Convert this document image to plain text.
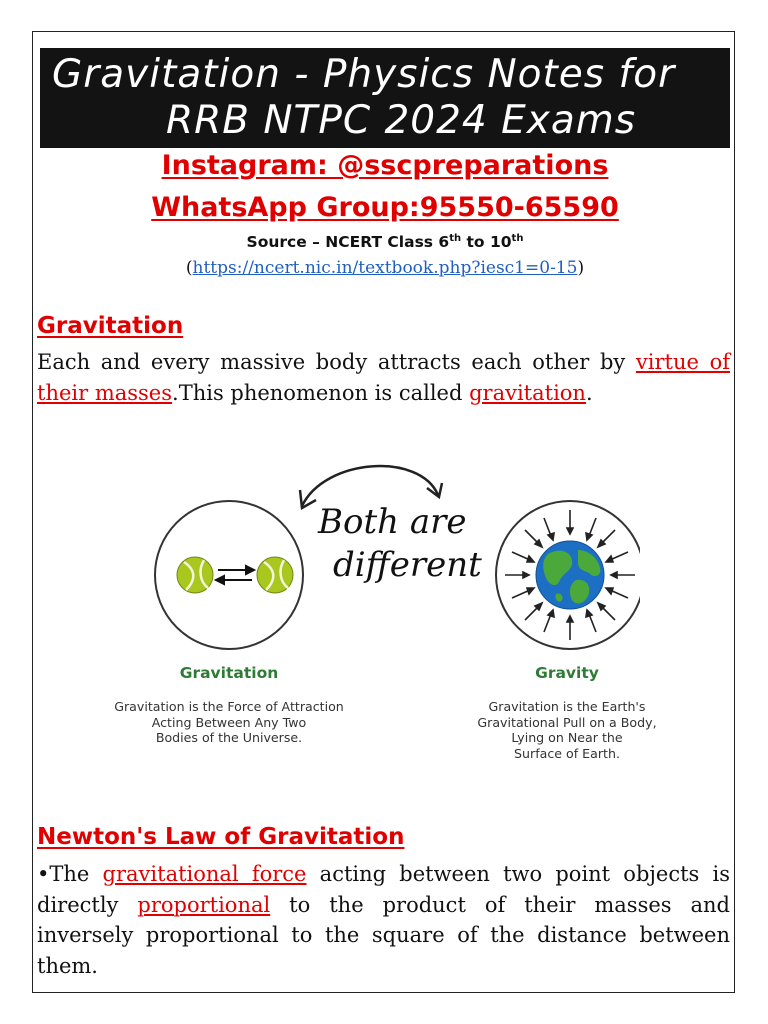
Gravitation - Physics Notes for
RRB NTPC 2024 Exams
Instagram: @sscpreparations
WhatsApp Group:95550-65590
Source – NCERT Class 6th to 10th
(https://ncert.nic.in/textbook.php?iesc1=0-15)
Gravitation
Each and every massive body attracts each other by virtue of their masses.This phenomenon is called gravitation.
Both are
different
Gravitation
Gravitation is the Force of Attraction
Acting Between Any Two
Bodies of the Universe.
Gravity
Gravitation is the Earth's
Gravitational Pull on a Body,
Lying on Near the
Surface of Earth.
Newton's Law of Gravitation
•The gravitational force acting between two point objects is directly proportional to the product of their masses and inversely proportional to the square of the distance between them.
